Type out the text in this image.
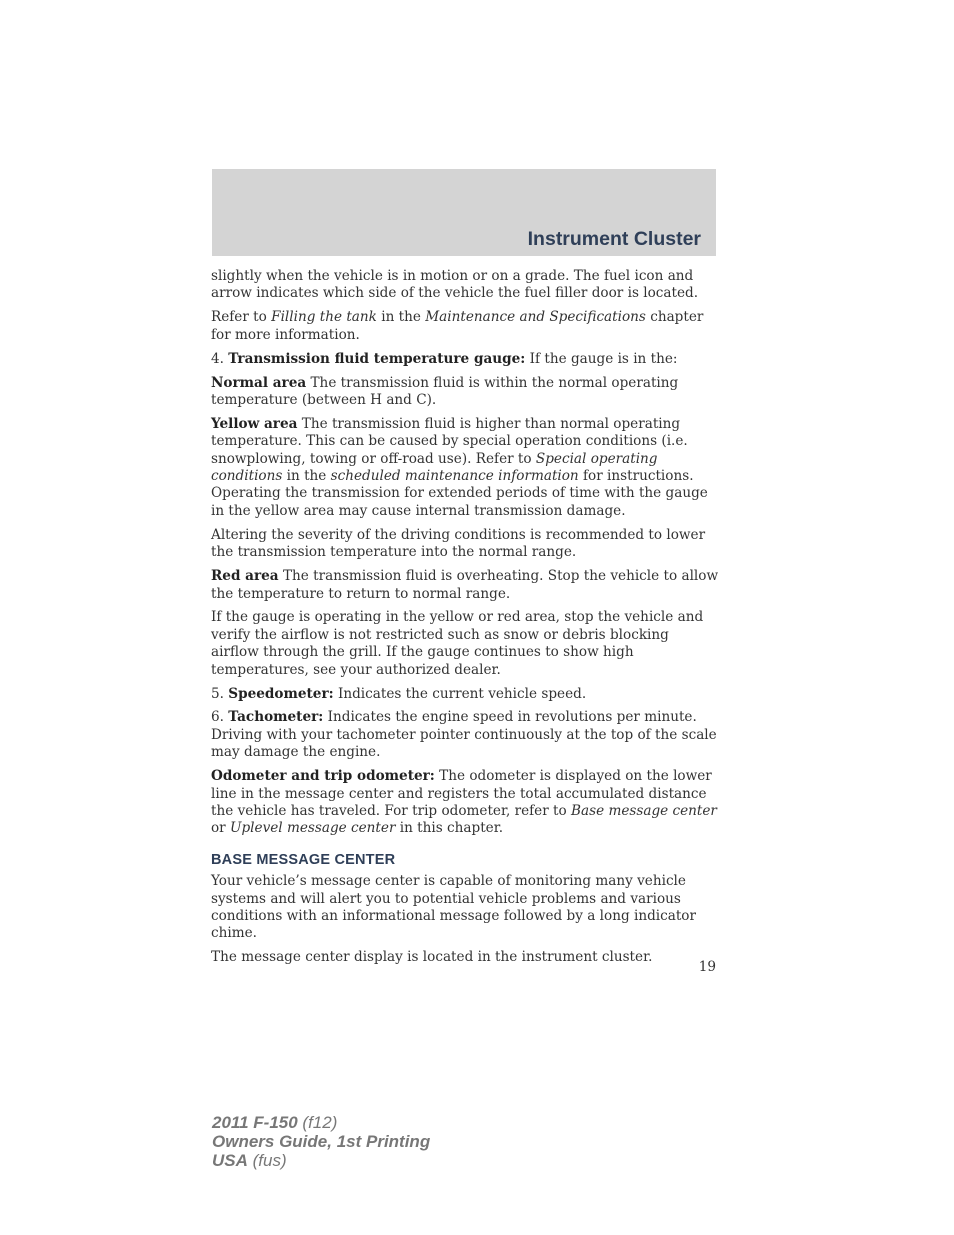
Instrument Cluster

slightly when the vehicle is in motion or on a grade. The fuel icon and arrow indicates which side of the vehicle the fuel filler door is located.

Refer to Filling the tank in the Maintenance and Specifications chapter for more information.

4. Transmission fluid temperature gauge: If the gauge is in the:

Normal area The transmission fluid is within the normal operating temperature (between H and C).

Yellow area The transmission fluid is higher than normal operating temperature. This can be caused by special operation conditions (i.e. snowplowing, towing or off-road use). Refer to Special operating conditions in the scheduled maintenance information for instructions. Operating the transmission for extended periods of time with the gauge in the yellow area may cause internal transmission damage.

Altering the severity of the driving conditions is recommended to lower the transmission temperature into the normal range.

Red area The transmission fluid is overheating. Stop the vehicle to allow the temperature to return to normal range.

If the gauge is operating in the yellow or red area, stop the vehicle and verify the airflow is not restricted such as snow or debris blocking airflow through the grill. If the gauge continues to show high temperatures, see your authorized dealer.

5. Speedometer: Indicates the current vehicle speed.

6. Tachometer: Indicates the engine speed in revolutions per minute. Driving with your tachometer pointer continuously at the top of the scale may damage the engine.

Odometer and trip odometer: The odometer is displayed on the lower line in the message center and registers the total accumulated distance the vehicle has traveled. For trip odometer, refer to Base message center or Uplevel message center in this chapter.

BASE MESSAGE CENTER

Your vehicle’s message center is capable of monitoring many vehicle systems and will alert you to potential vehicle problems and various conditions with an informational message followed by a long indicator chime.

The message center display is located in the instrument cluster.

19
2011 F-150 (f12)
Owners Guide, 1st Printing
USA (fus)
